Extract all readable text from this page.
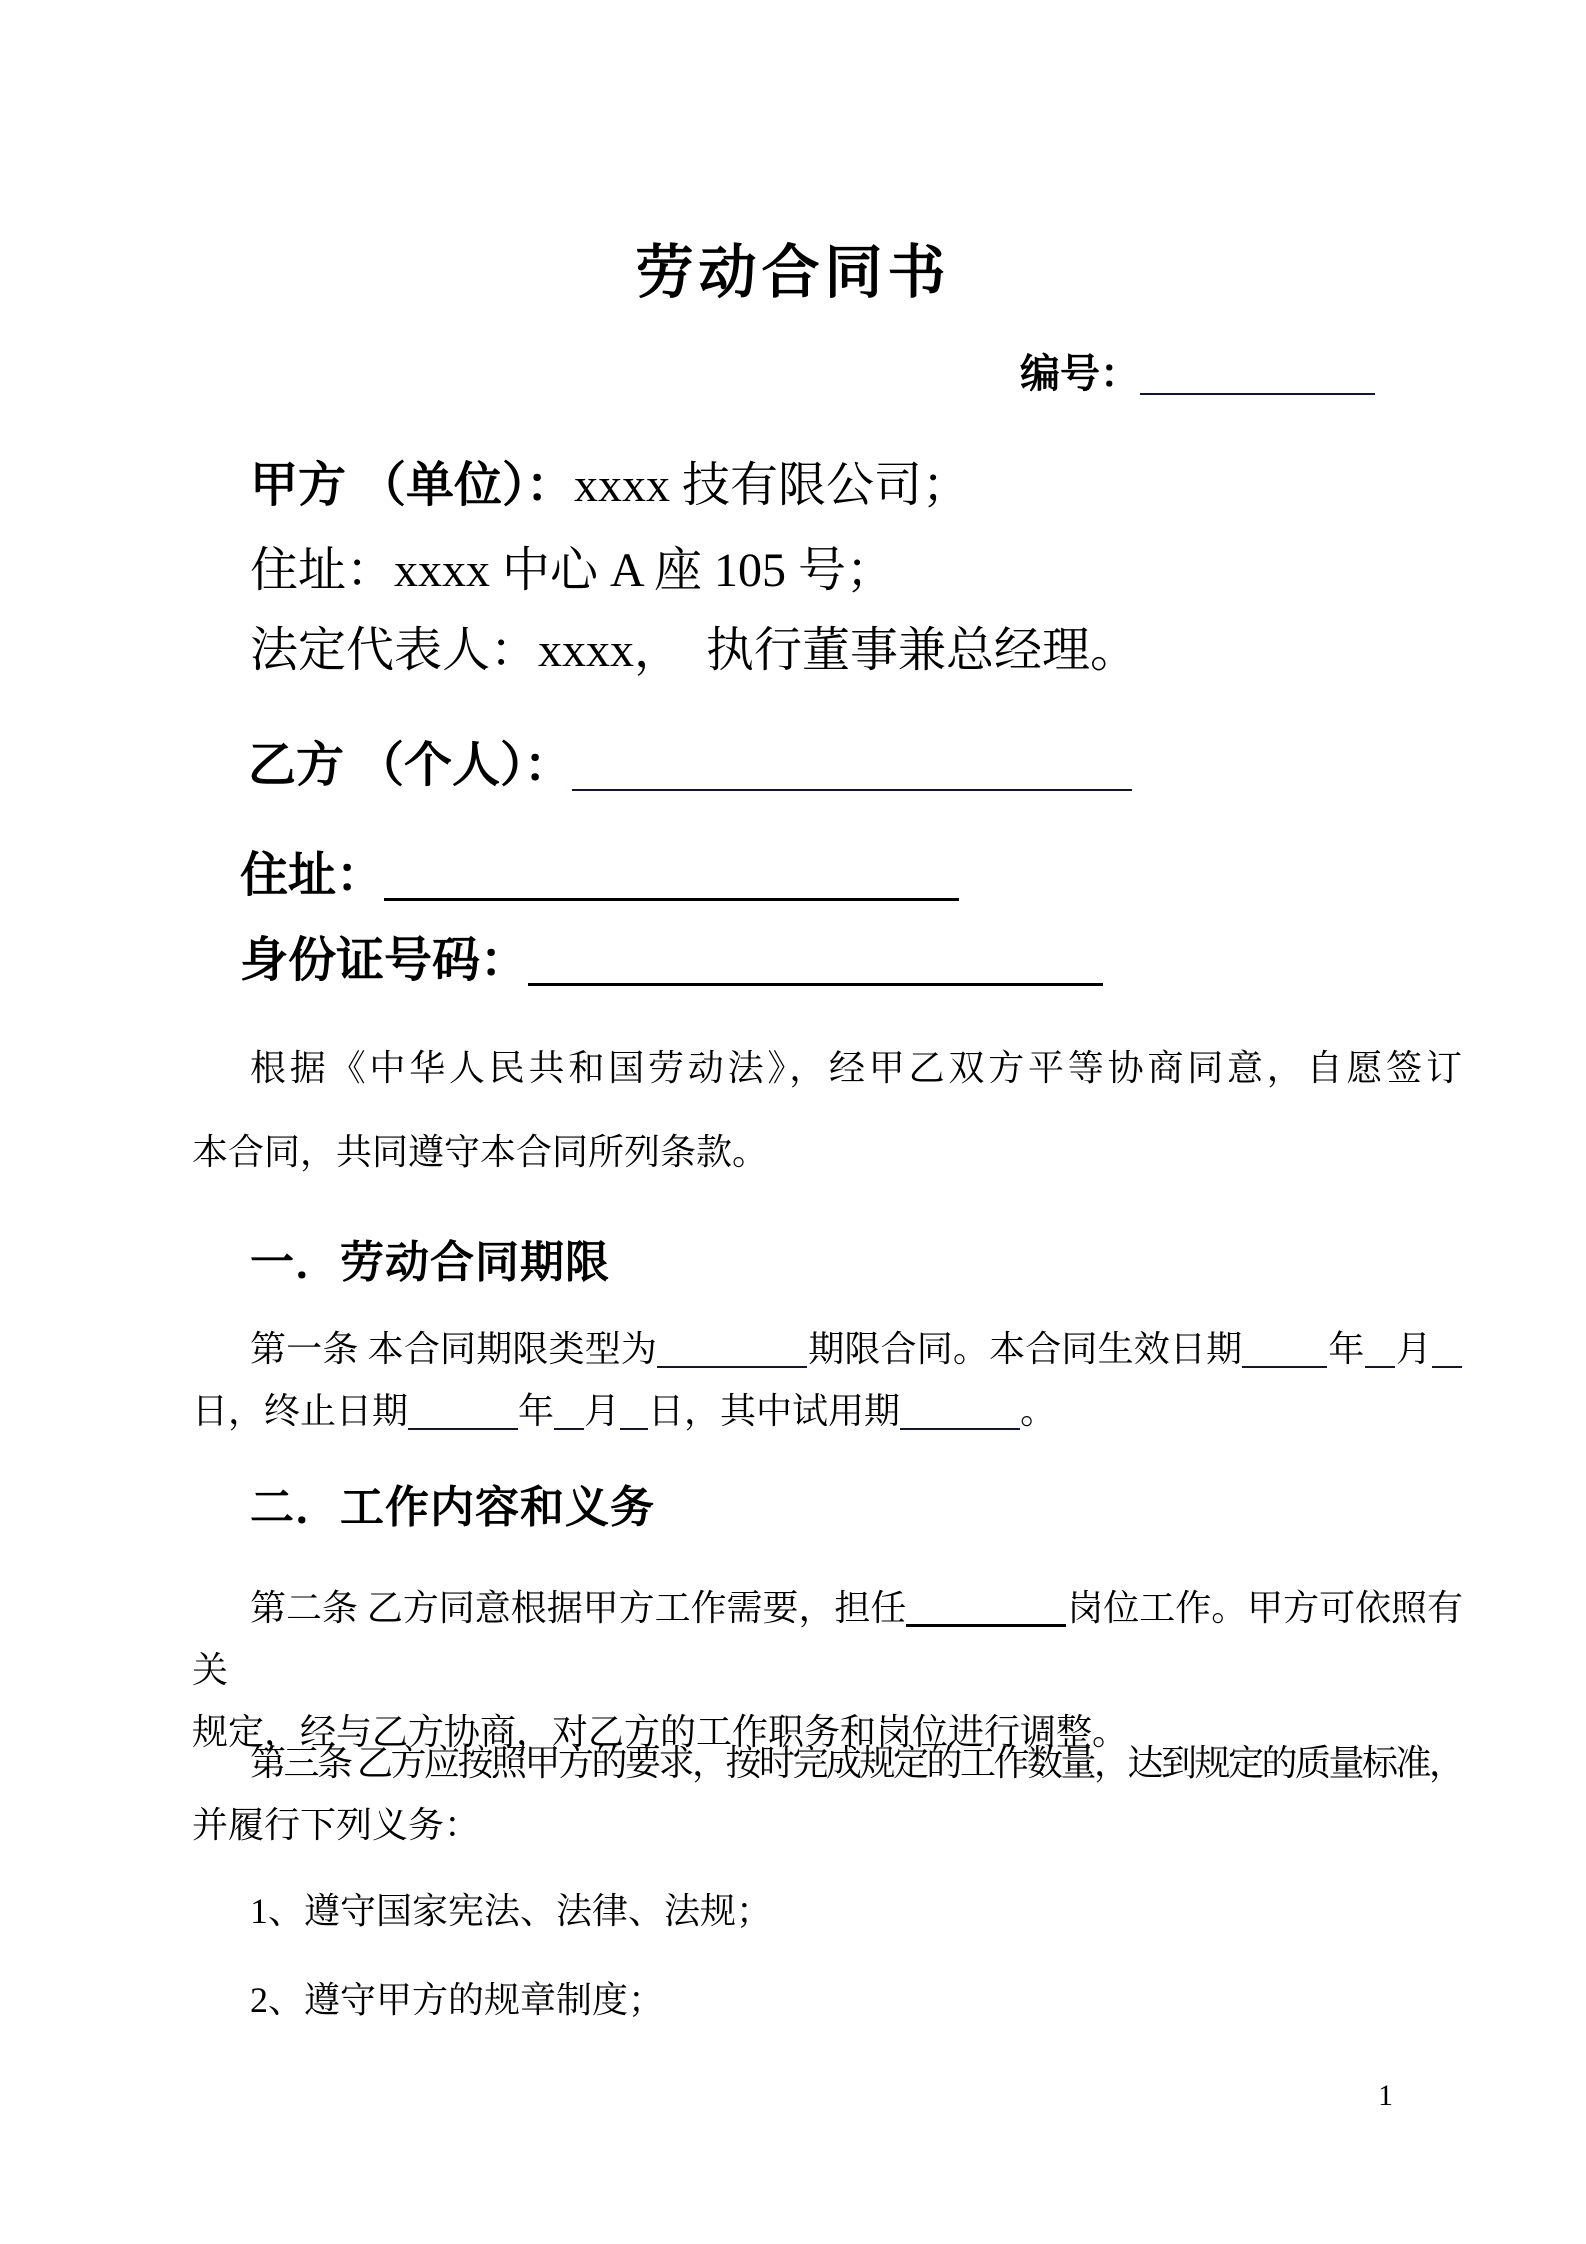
劳动合同书
编号：
甲方 （单位）：xxxx 技有限公司；
住址：xxxx 中心 A 座 105 号；
法定代表人：xxxx，　执行董事兼总经理。
乙方 （个人）：
住址：
身份证号码：
根据《中华人民共和国劳动法》，经甲乙双方平等协商同意，自愿签订
本合同，共同遵守本合同所列条款。
一．劳动合同期限
第一条 本合同期限类型为	期限合同。本合同生效日期 年 月
日，终止日期	年 月 日，其中试用期	。
二．工作内容和义务
第二条 乙方同意根据甲方工作需要，担任	岗位工作。甲方可依照有关
规定，经与乙方协商，对乙方的工作职务和岗位进行调整。
第三条 乙方应按照甲方的要求，按时完成规定的工作数量，达到规定的质量标准，
并履行下列义务：
1、遵守国家宪法、法律、法规；
2、遵守甲方的规章制度；
1
